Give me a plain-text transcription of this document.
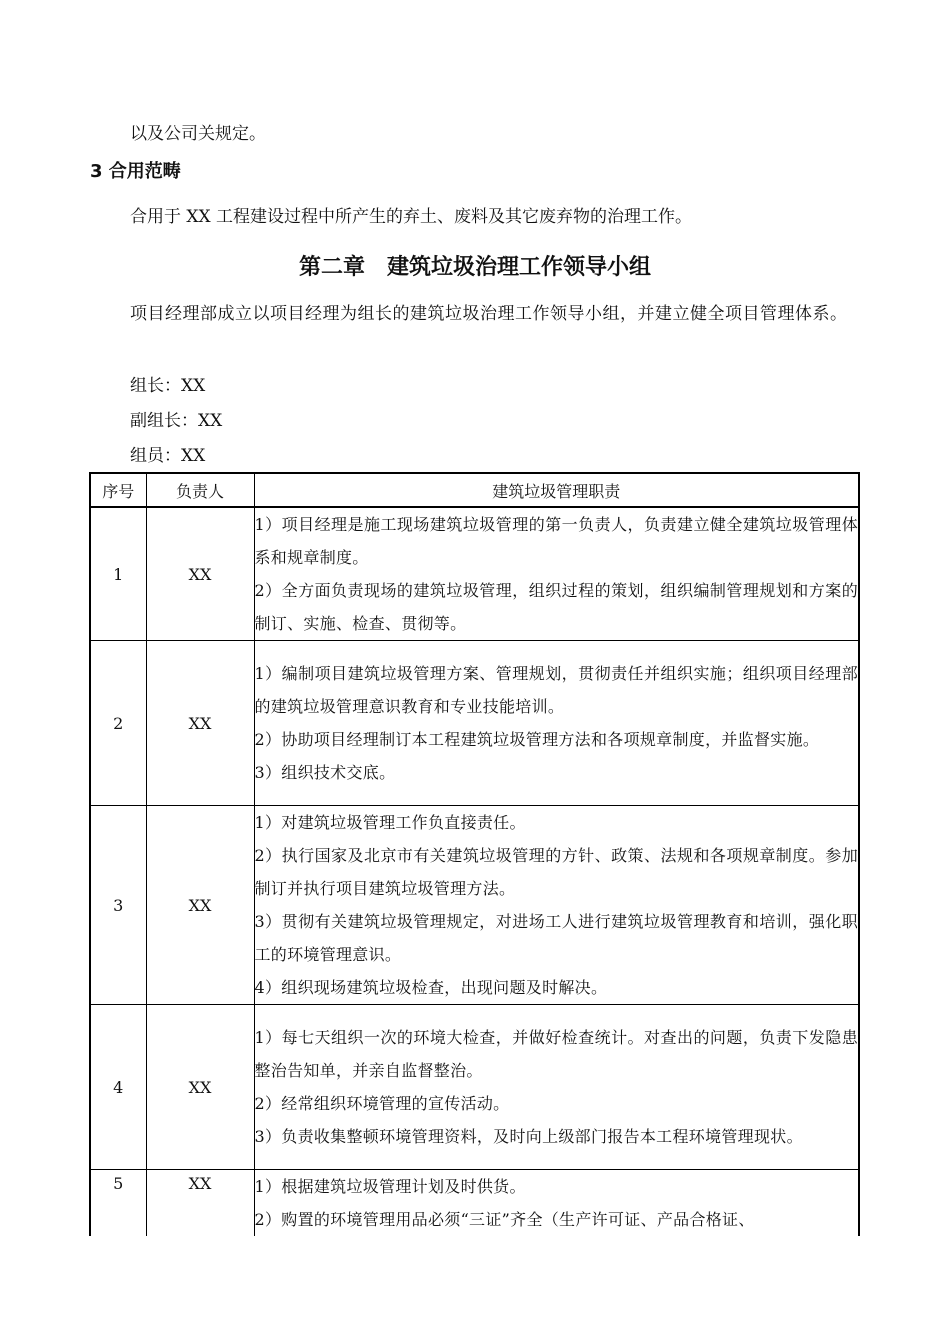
以及公司关规定。
3 合用范畴
合用于 XX 工程建设过程中所产生的弃土、废料及其它废弃物的治理工作。
第二章　建筑垃圾治理工作领导小组
项目经理部成立以项目经理为组长的建筑垃圾治理工作领导小组，并建立健全项目管理体系。
组长：XX
副组长：XX
组员：XX
序号	负责人	建筑垃圾管理职责
1	XX	1）项目经理是施工现场建筑垃圾管理的第一负责人，负责建立健全建筑垃圾管理体系和规章制度。
2）全方面负责现场的建筑垃圾管理，组织过程的策划，组织编制管理规划和方案的制订、实施、检查、贯彻等。

2	XX	1）编制项目建筑垃圾管理方案、管理规划，贯彻责任并组织实施；组织项目经理部的建筑垃圾管理意识教育和专业技能培训。
2）协助项目经理制订本工程建筑垃圾管理方法和各项规章制度，并监督实施。
3）组织技术交底。

3	XX	1）对建筑垃圾管理工作负直接责任。
2）执行国家及北京市有关建筑垃圾管理的方针、政策、法规和各项规章制度。参加制订并执行项目建筑垃圾管理方法。
3）贯彻有关建筑垃圾管理规定，对进场工人进行建筑垃圾管理教育和培训，强化职工的环境管理意识。
4）组织现场建筑垃圾检查，出现问题及时解决。

4	XX	1）每七天组织一次的环境大检查，并做好检查统计。对查出的问题，负责下发隐患整治告知单，并亲自监督整治。
2）经常组织环境管理的宣传活动。
3）负责收集整顿环境管理资料，及时向上级部门报告本工程环境管理现状。

5	XX	1）根据建筑垃圾管理计划及时供货。
2）购置的环境管理用品必须“三证”齐全（生产许可证、产品合格证、
